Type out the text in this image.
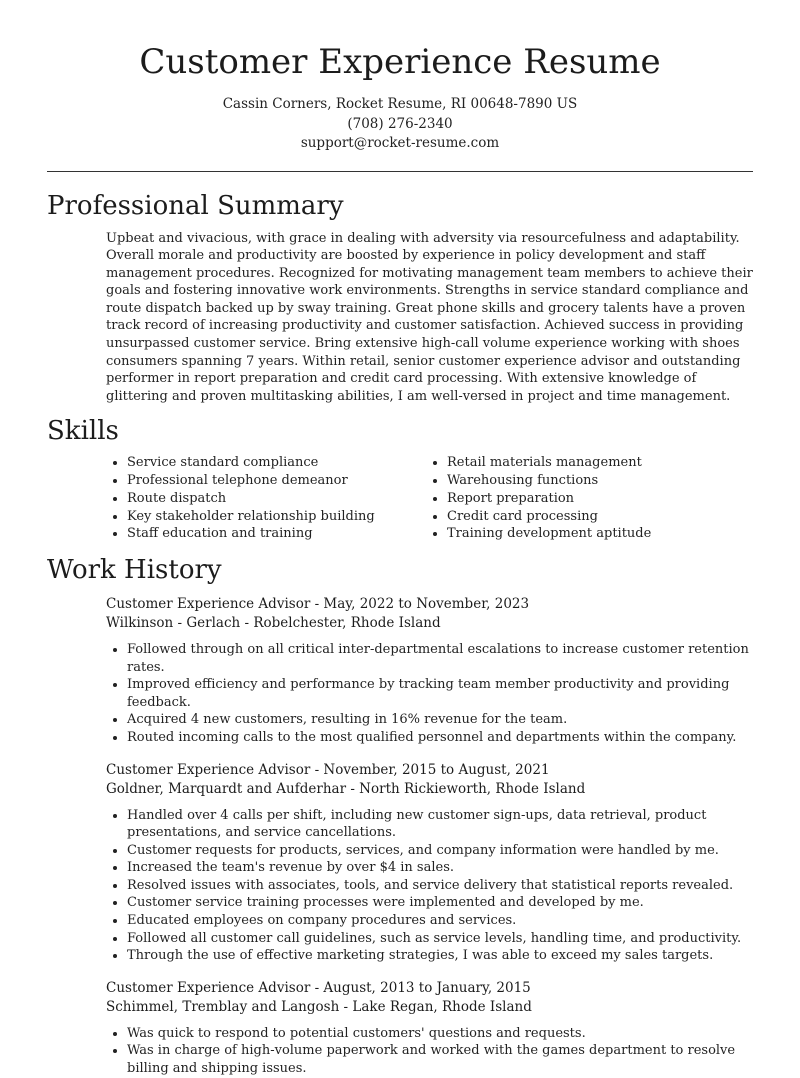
Customer Experience Resume
Cassin Corners, Rocket Resume, RI 00648-7890 US
(708) 276-2340
support@rocket-resume.com
Professional Summary
Upbeat and vivacious, with grace in dealing with adversity via resourcefulness and adaptability. Overall morale and productivity are boosted by experience in policy development and staff management procedures. Recognized for motivating management team members to achieve their goals and fostering innovative work environments. Strengths in service standard compliance and route dispatch backed up by sway training. Great phone skills and grocery talents have a proven track record of increasing productivity and customer satisfaction. Achieved success in providing unsurpassed customer service. Bring extensive high-call volume experience working with shoes consumers spanning 7 years. Within retail, senior customer experience advisor and outstanding performer in report preparation and credit card processing. With extensive knowledge of glittering and proven multitasking abilities, I am well-versed in project and time management.
Skills
• Service standard compliance
• Professional telephone demeanor
• Route dispatch
• Key stakeholder relationship building
• Staff education and training
• Retail materials management
• Warehousing functions
• Report preparation
• Credit card processing
• Training development aptitude
Work History
Customer Experience Advisor - May, 2022 to November, 2023
Wilkinson - Gerlach - Robelchester, Rhode Island
• Followed through on all critical inter-departmental escalations to increase customer retention rates.
• Improved efficiency and performance by tracking team member productivity and providing feedback.
• Acquired 4 new customers, resulting in 16% revenue for the team.
• Routed incoming calls to the most qualified personnel and departments within the company.
Customer Experience Advisor - November, 2015 to August, 2021
Goldner, Marquardt and Aufderhar - North Rickieworth, Rhode Island
• Handled over 4 calls per shift, including new customer sign-ups, data retrieval, product presentations, and service cancellations.
• Customer requests for products, services, and company information were handled by me.
• Increased the team's revenue by over $4 in sales.
• Resolved issues with associates, tools, and service delivery that statistical reports revealed.
• Customer service training processes were implemented and developed by me.
• Educated employees on company procedures and services.
• Followed all customer call guidelines, such as service levels, handling time, and productivity.
• Through the use of effective marketing strategies, I was able to exceed my sales targets.
Customer Experience Advisor - August, 2013 to January, 2015
Schimmel, Tremblay and Langosh - Lake Regan, Rhode Island
• Was quick to respond to potential customers' questions and requests.
• Was in charge of high-volume paperwork and worked with the games department to resolve billing and shipping issues.
